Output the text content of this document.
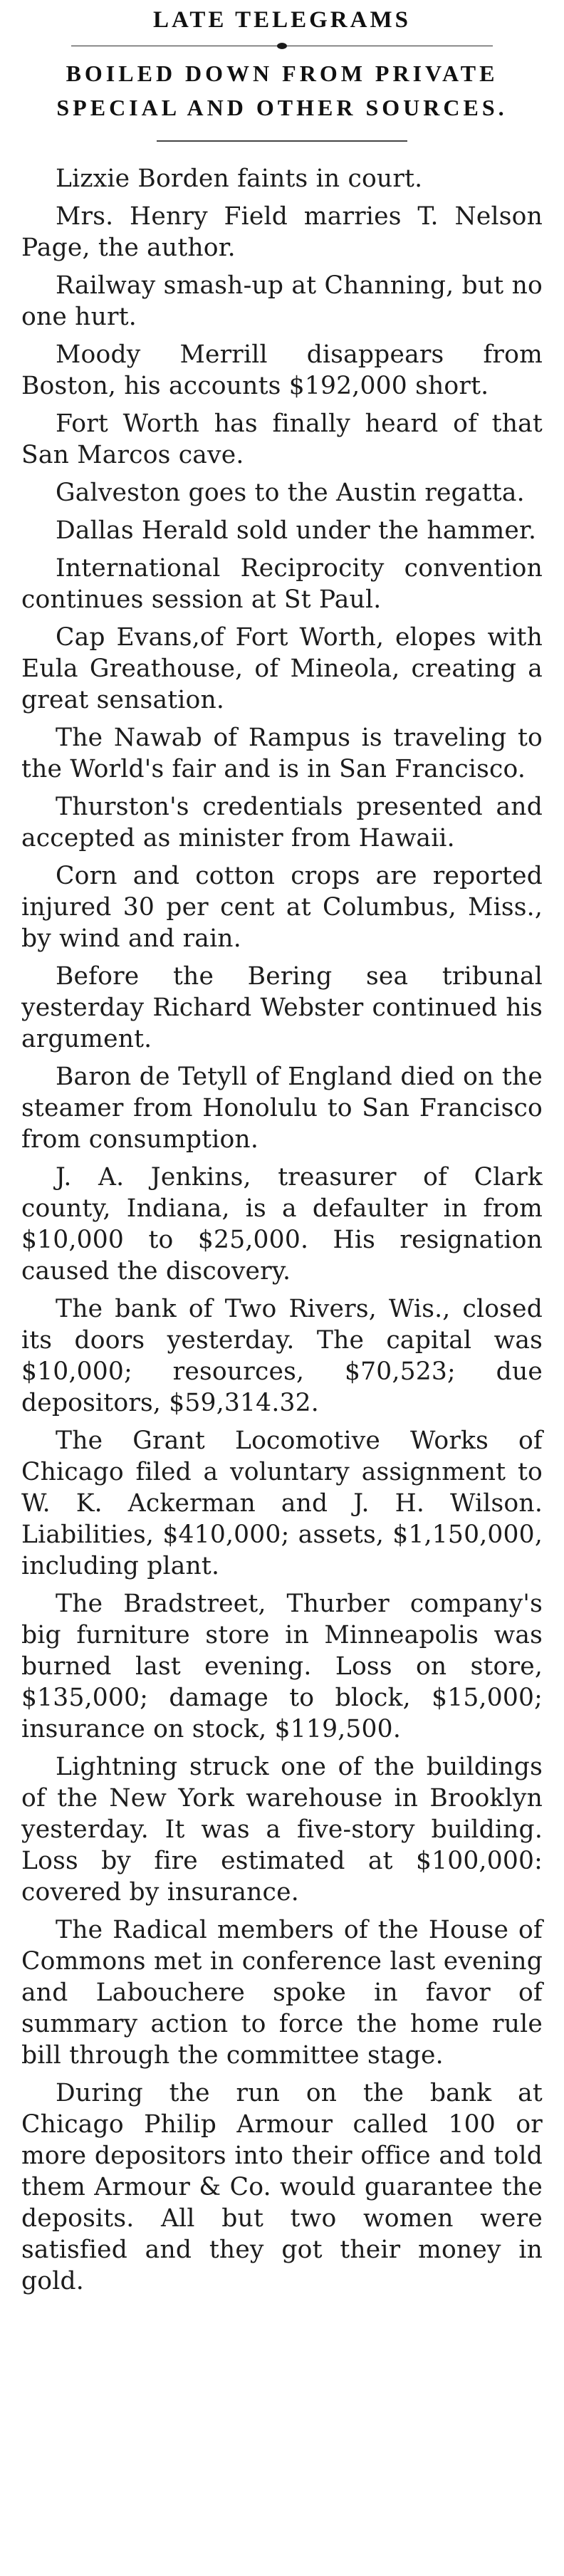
LATE TELEGRAMS
BOILED DOWN FROM PRIVATE SPECIAL AND OTHER SOURCES.
Lizxie Borden faints in court.
Mrs. Henry Field marries T. Nelson Page, the author.
Railway smash-up at Channing, but no one hurt.
Moody Merrill disappears from Boston, his accounts $192,000 short.
Fort Worth has finally heard of that San Marcos cave.
Galveston goes to the Austin regatta.
Dallas Herald sold under the hammer.
International Reciprocity convention continues session at St Paul.
Cap Evans,of Fort Worth, elopes with Eula Greathouse, of Mineola, creating a great sensation.
The Nawab of Rampus is traveling to the World's fair and is in San Francisco.
Thurston's credentials presented and accepted as minister from Hawaii.
Corn and cotton crops are reported injured 30 per cent at Columbus, Miss., by wind and rain.
Before the Bering sea tribunal yesterday Richard Webster continued his argument.
Baron de Tetyll of England died on the steamer from Honolulu to San Francisco from consumption.
J. A. Jenkins, treasurer of Clark county, Indiana, is a defaulter in from $10,000 to $25,000. His resignation caused the discovery.
The bank of Two Rivers, Wis., closed its doors yesterday. The capital was $10,000; resources, $70,523; due depositors, $59,314.32.
The Grant Locomotive Works of Chicago filed a voluntary assignment to W. K. Ackerman and J. H. Wilson. Liabilities, $410,000; assets, $1,150,000, including plant.
The Bradstreet, Thurber company's big furniture store in Minneapolis was burned last evening. Loss on store, $135,000; damage to block, $15,000; insurance on stock, $119,500.
Lightning struck one of the buildings of the New York warehouse in Brooklyn yesterday. It was a five-story building. Loss by fire estimated at $100,000: covered by insurance.
The Radical members of the House of Commons met in conference last evening and Labouchere spoke in favor of summary action to force the home rule bill through the committee stage.
During the run on the bank at Chicago Philip Armour called 100 or more depositors into their office and told them Armour & Co. would guarantee the deposits. All but two women were satisfied and they got their money in gold.
